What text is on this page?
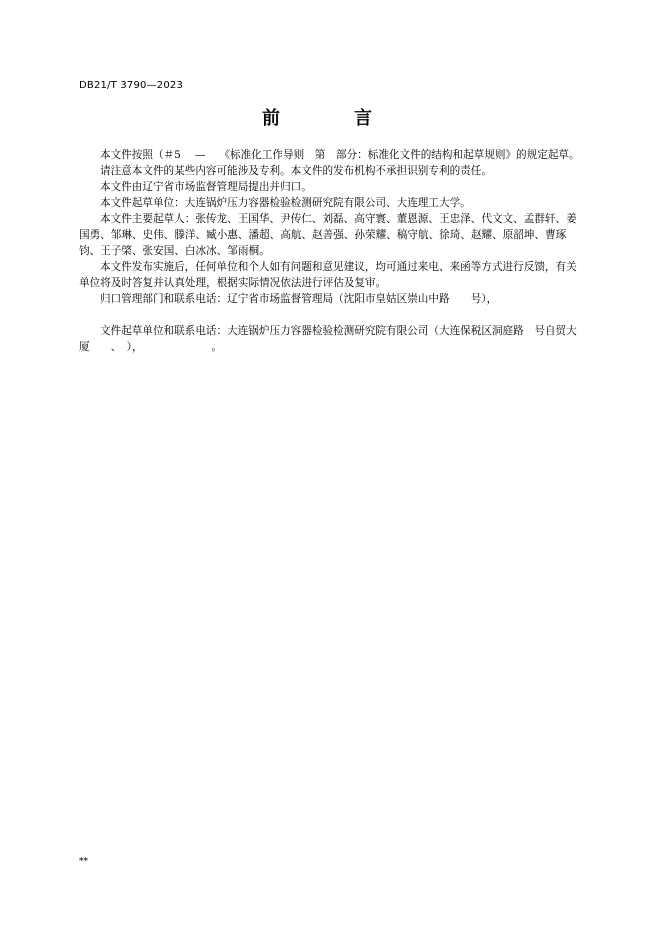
DB21/T 3790—2023
前　言

本文件按照（＃5　 —　 《标准化工作导则　第　部分：标准化文件的结构和起草规则》的规定起草。

请注意本文件的某些内容可能涉及专利。本文件的发布机构不承担识别专利的责任。

本文件由辽宁省市场监督管理局提出并归口。

本文件起草单位：大连锅炉压力容器检验检测研究院有限公司、大连理工大学。

本文件主要起草人：张传龙、王国华、尹传仁、刘磊、高守寰、董恩源、王忠泽、代文文、孟群轩、姜国勇、邹琳、史伟、滕洋、臧小惠、潘超、高航、赵善强、孙荣耀、稿守航、徐琦、赵耀、原韶坤、曹琢钧、王子棨、张安国、白冰冰、邹雨桐。

本文件发布实施后，任何单位和个人如有问题和意见建议，均可通过来电、来函等方式进行反馈，有关单位将及时答复并认真处理，根据实际情况依法进行评估及复审。

归口管理部门和联系电话：辽宁省市场监督管理局（沈阳市皇姑区崇山中路　　号），

文件起草单位和联系电话：大连锅炉压力容器检验检测研究院有限公司（大连保税区洞庭路　号自贸大厦　　、　），　　　　　　　。

**
